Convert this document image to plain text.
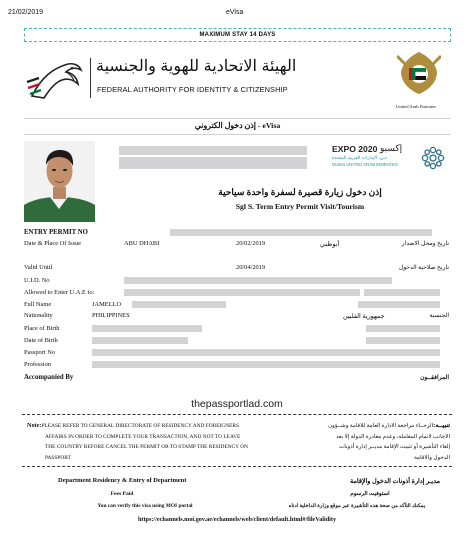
21/02/2019	eVisa
MAXIMUM STAY 14 DAYS
الهيئة الاتحادية للهوية والجنسية
FEDERAL AUTHORITY FOR IDENTITY & CITIZENSHIP
United Arab Emirates
إذن دخول الكتروني - eVisa
EXPO 2020 إكسبو
دبي، الإمارات العربية المتحدة
DUBAI UNITED ARAB EMIRATES
إذن دخول زيارة قصيرة لسفرة واحدة سياحية
Sgl S. Term Entry Permit Visit/Tourism
ENTRY PERMIT NO
Date & Place Of Issue	ABU DHABI	20/02/2019	أبوظبي	تاريخ ومحل الاصدار
Valid Until	20/04/2019	تاريخ صلاحية الدخول
U.I.D. No
Allowed to Enter U.A.E to:
Full Name	JAMELLO
Nationality	PHILIPPINES	جمهورية الفلبين	الجنسية
Place of Birth
Date of Birth
Passport No
Profession
Accompanied By	المرافقــون
thepassportlad.com
Note:PLEASE REFER TO GENERAL DIRECTORATE OF RESIDENCY AND FOREIGNERS
AFFAIRS IN ORDER TO COMPLETE YOUR TRANSACTION, AND NOT TO LEAVE
THE COUNTRY BEFORE CANCEL THE PERMIT OR TO STAMP THE RESIDENCY ON
PASSPORT
تنبيــه:الرجــاء مراجعة الادارة العامة للاقامة وشــؤون
الاجانب لاتمام المعاملة، وعدم مغادرة الدولة إلا بعد
إلغاء التأشيرة أو تثبيت الإقامة مديــر إدارة أذونات
الدخول والاقامة
Department Residency & Entry of Department	مديـر إدارة أذونات الدخول والإقامة
Fees Paid	استوفيت الرسوم
You can verify this visa using MOI portal	يمكنك التأكد من صحة هذه التأشيرة عبر موقع وزارة الداخلية ادناه
https://echannels.moi.gov.ae/echannels/web/client/default.html#/fileValidity
